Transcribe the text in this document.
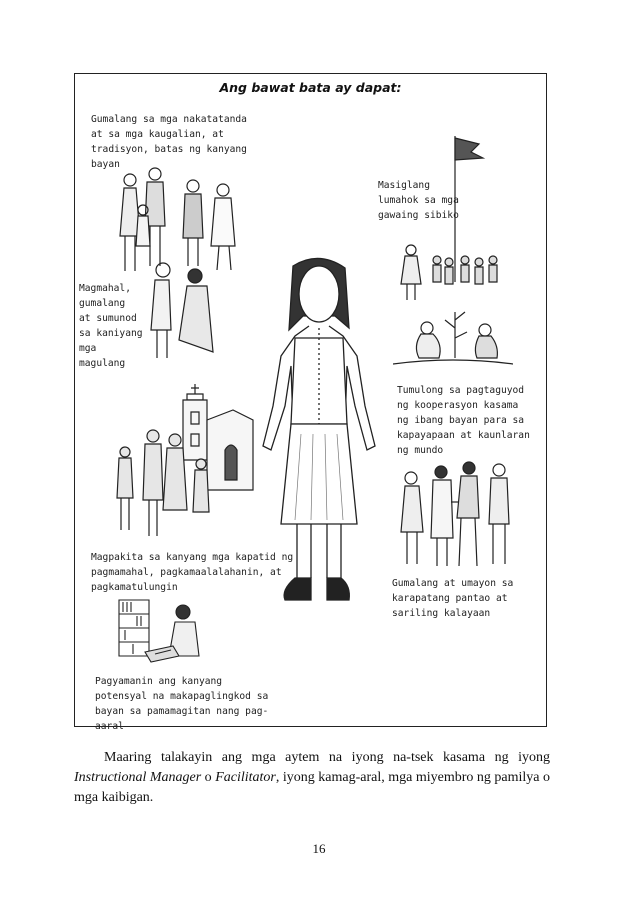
Ang bawat bata ay dapat:
Gumalang sa mga nakatatanda
at sa mga kaugalian, at
tradisyon, batas ng kanyang
bayan
Masiglang
lumahok sa mga
gawaing sibiko
Magmahal,
gumalang
at sumunod
sa kaniyang
mga
magulang
Tumulong sa pagtaguyod
ng kooperasyon kasama
ng ibang bayan para sa
kapayapaan at kaunlaran
ng mundo
Magpakita sa kanyang mga kapatid ng
pagmamahal, pagkamaalalahanin, at
pagkamatulungin	Gumalang at umayon sa
karapatang pantao at
sariling kalayaan
Pagyamanin ang kanyang
potensyal na makapaglingkod sa
bayan sa pamamagitan nang pag-
aaral

Maaring talakayin ang mga aytem na iyong na-tsek kasama ng iyong Instructional Manager o Facilitator, iyong kamag-aral, mga miyembro ng pamilya o mga kaibigan.

16
